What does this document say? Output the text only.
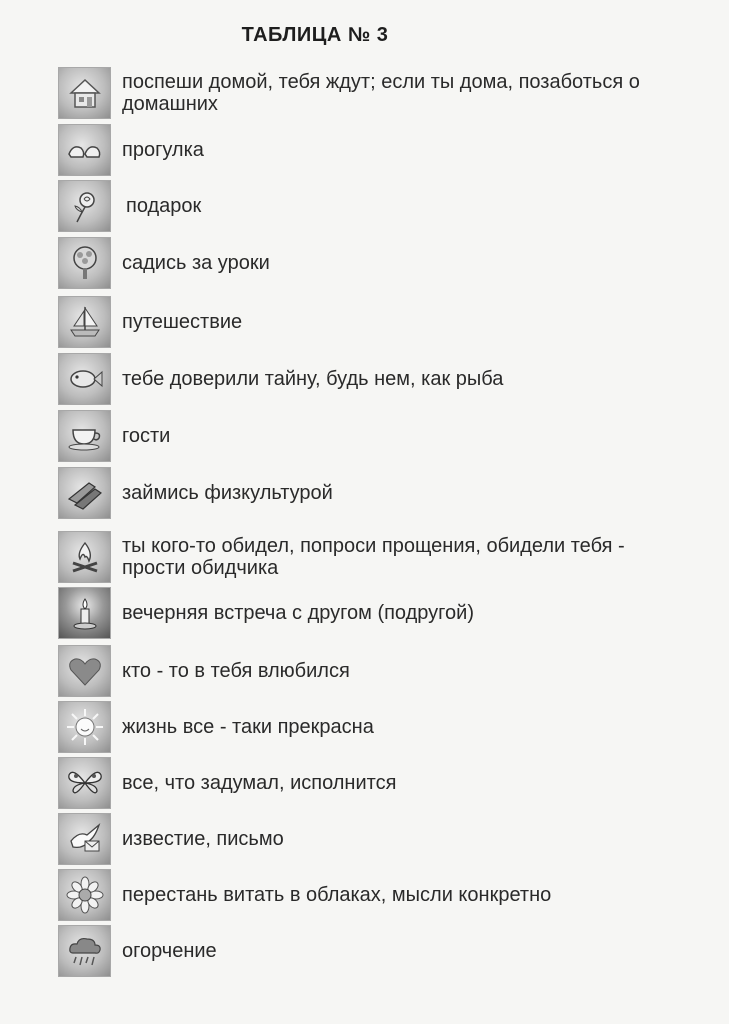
ТАБЛИЦА № 3
поспеши домой, тебя ждут; если ты дома, позаботься о домашних
прогулка
подарок
садись за уроки
путешествие
тебе доверили тайну, будь нем, как рыба
гости
займись физкультурой
ты кого-то обидел, попроси прощения, обидели тебя - прости обидчика
вечерняя встреча с другом (подругой)
кто - то в тебя влюбился
жизнь все - таки прекрасна
все, что задумал, исполнится
известие, письмо
перестань витать в облаках, мысли конкретно
огорчение
